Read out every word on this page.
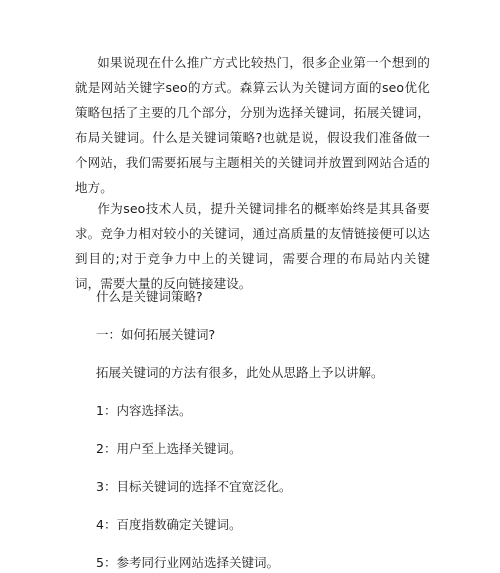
如果说现在什么推广方式比较热门，很多企业第一个想到的就是网站关键字seo的方式。森算云认为关键词方面的seo优化策略包括了主要的几个部分，分别为选择关键词，拓展关键词，布局关键词。什么是关键词策略?也就是说，假设我们准备做一个网站，我们需要拓展与主题相关的关键词并放置到网站合适的地方。

作为seo技术人员，提升关键词排名的概率始终是其具备要求。竞争力相对较小的关键词，通过高质量的友情链接便可以达到目的;对于竞争力中上的关键词，需要合理的布局站内关键词，需要大量的反向链接建设。

什么是关键词策略?

一：如何拓展关键词?

拓展关键词的方法有很多，此处从思路上予以讲解。

1：内容选择法。

2：用户至上选择关键词。

3：目标关键词的选择不宜宽泛化。

4：百度指数确定关键词。

5：参考同行业网站选择关键词。
